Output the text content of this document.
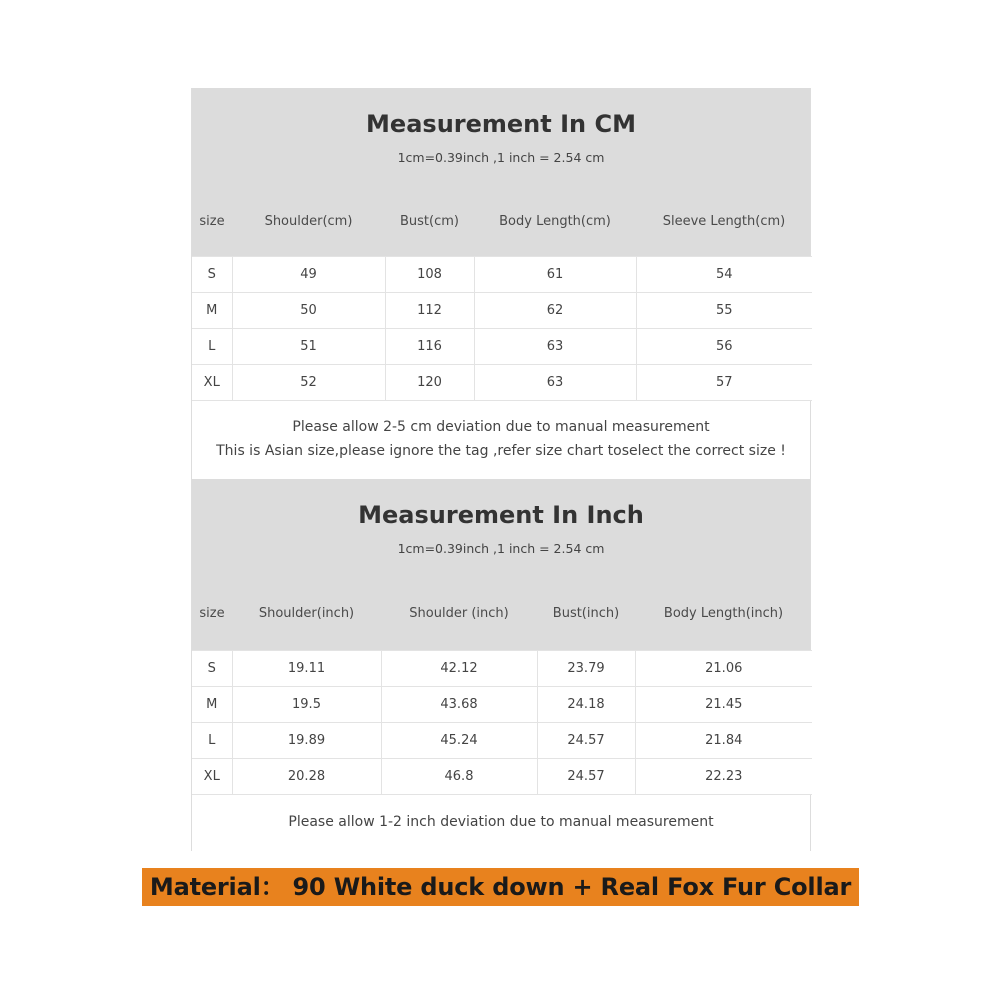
Measurement In CM
1cm=0.39inch ,1 inch = 2.54 cm
size	Shoulder(cm)	Bust(cm)	Body Length(cm)	Sleeve Length(cm)
S	49	108	61	54
M	50	112	62	55
L	51	116	63	56
XL	52	120	63	57
Please allow 2-5 cm deviation due to manual measurement
This is Asian size,please ignore the tag ,refer size chart toselect the correct size !
Measurement In Inch
1cm=0.39inch ,1 inch = 2.54 cm
size	Shoulder(inch)	Shoulder (inch)	Bust(inch)	Body Length(inch)
S	19.11	42.12	23.79	21.06
M	19.5	43.68	24.18	21.45
L	19.89	45.24	24.57	21.84
XL	20.28	46.8	24.57	22.23
Please allow 1-2 inch deviation due to manual measurement
Material： 90 White duck down + Real Fox Fur Collar
